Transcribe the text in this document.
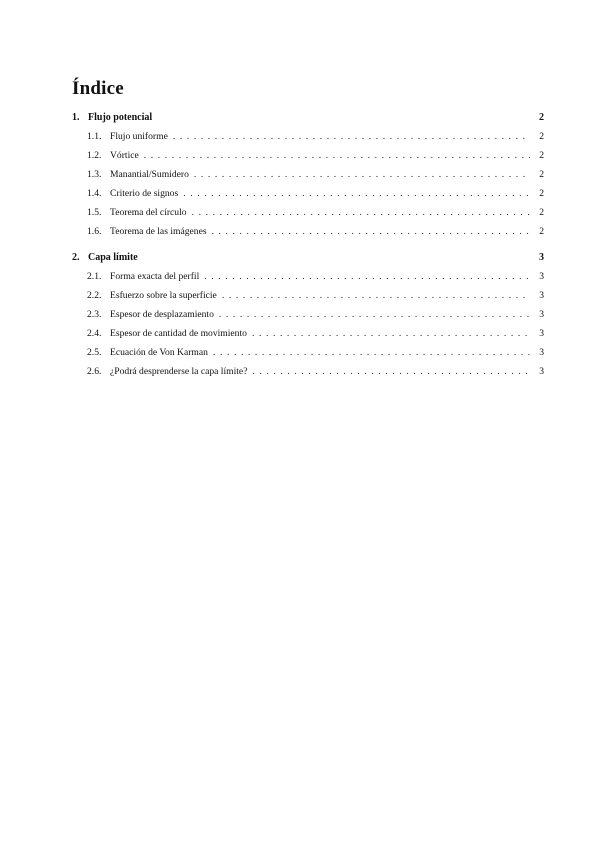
Índice
1. Flujo potencial	2
1.1. Flujo uniforme . . .	2
1.2. Vórtice . . .	2
1.3. Manantial/Sumidero . . .	2
1.4. Criterio de signos . . .	2
1.5. Teorema del círculo . . .	2
1.6. Teorema de las imágenes . . .	2
2. Capa límite	3
2.1. Forma exacta del perfil . . .	3
2.2. Esfuerzo sobre la superficie . . .	3
2.3. Espesor de desplazamiento . . .	3
2.4. Espesor de cantidad de movimiento . . .	3
2.5. Ecuación de Von Karman . . .	3
2.6. ¿Podrá desprenderse la capa límite? . . .	3
